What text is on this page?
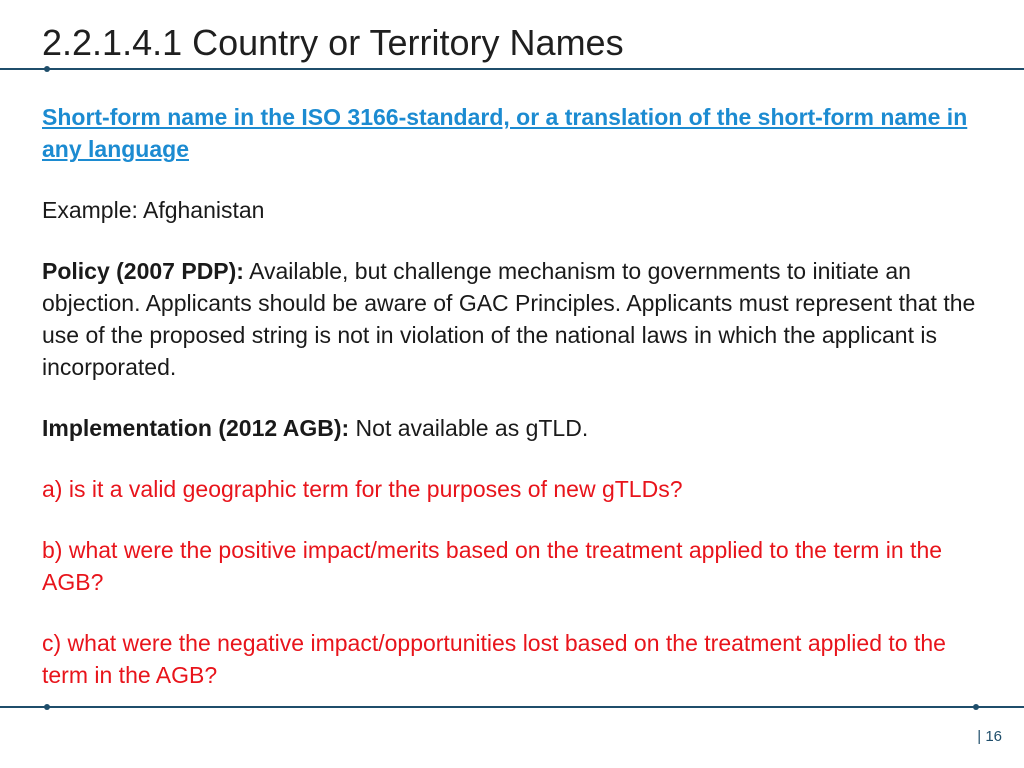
2.2.1.4.1 Country or Territory Names

Short-form name in the ISO 3166-standard, or a translation of the short-form name in any language

Example: Afghanistan

Policy (2007 PDP): Available, but challenge mechanism to governments to initiate an objection. Applicants should be aware of GAC Principles. Applicants must represent that the use of the proposed string is not in violation of the national laws in which the applicant is incorporated.

Implementation (2012 AGB): Not available as gTLD.

a) is it a valid geographic term for the purposes of new gTLDs?

b) what were the positive impact/merits based on the treatment applied to the term in the AGB?

c) what were the negative impact/opportunities lost based on the treatment applied to the term in the AGB?

| 16
